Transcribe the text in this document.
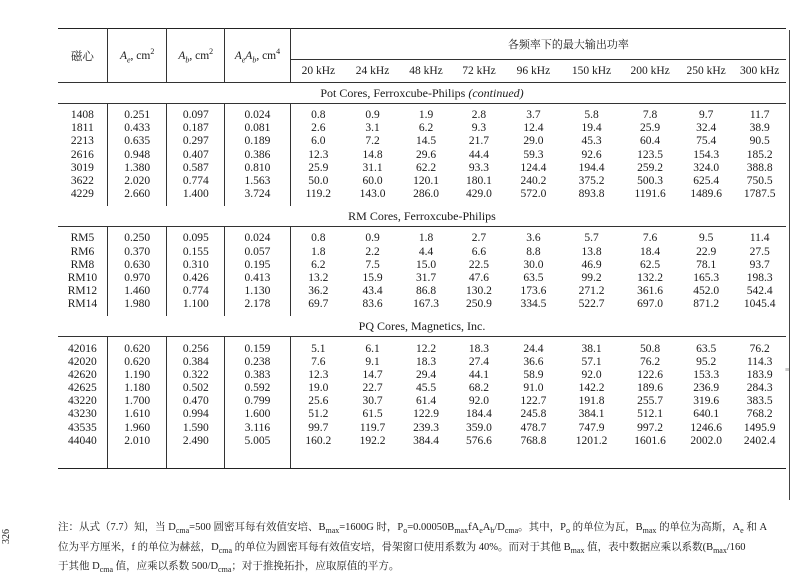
磁心	$A_e$, $cm^2$	$A_b$, $cm^2$	$A_eA_b$, $cm^4$	各频率下的最大输出功率								
				20 kHz	24 kHz	48 kHz	72 kHz	96 kHz	150 kHz	200 kHz	250 kHz	300 kHz
Pot Cores, Ferroxcube-Philips (continued)												

1408	0.251	0.097	0.024	0.8	0.9	1.9	2.8	3.7	5.8	7.8	9.7	11.7
1811	0.433	0.187	0.081	2.6	3.1	6.2	9.3	12.4	19.4	25.9	32.4	38.9
2213	0.635	0.297	0.189	6.0	7.2	14.5	21.7	29.0	45.3	60.4	75.4	90.5
2616	0.948	0.407	0.386	12.3	14.8	29.6	44.4	59.3	92.6	123.5	154.3	185.2
3019	1.380	0.587	0.810	25.9	31.1	62.2	93.3	124.4	194.4	259.2	324.0	388.8
3622	2.020	0.774	1.563	50.0	60.0	120.1	180.1	240.2	375.2	500.3	625.4	750.5
4229	2.660	1.400	3.724	119.2	143.0	286.0	429.0	572.0	893.8	1191.6	1489.6	1787.5

RM Cores, Ferroxcube-Philips												

RM5	0.250	0.095	0.024	0.8	0.9	1.8	2.7	3.6	5.7	7.6	9.5	11.4
RM6	0.370	0.155	0.057	1.8	2.2	4.4	6.6	8.8	13.8	18.4	22.9	27.5
RM8	0.630	0.310	0.195	6.2	7.5	15.0	22.5	30.0	46.9	62.5	78.1	93.7
RM10	0.970	0.426	0.413	13.2	15.9	31.7	47.6	63.5	99.2	132.2	165.3	198.3
RM12	1.460	0.774	1.130	36.2	43.4	86.8	130.2	173.6	271.2	361.6	452.0	542.4
RM14	1.980	1.100	2.178	69.7	83.6	167.3	250.9	334.5	522.7	697.0	871.2	1045.4

PQ Cores, Magnetics, Inc.												

42016	0.620	0.256	0.159	5.1	6.1	12.2	18.3	24.4	38.1	50.8	63.5	76.2
42020	0.620	0.384	0.238	7.6	9.1	18.3	27.4	36.6	57.1	76.2	95.2	114.3
42620	1.190	0.322	0.383	12.3	14.7	29.4	44.1	58.9	92.0	122.6	153.3	183.9
42625	1.180	0.502	0.592	19.0	22.7	45.5	68.2	91.0	142.2	189.6	236.9	284.3
43220	1.700	0.470	0.799	25.6	30.7	61.4	92.0	122.7	191.8	255.7	319.6	383.5
43230	1.610	0.994	1.600	51.2	61.5	122.9	184.4	245.8	384.1	512.1	640.1	768.2
43535	1.960	1.590	3.116	99.7	119.7	239.3	359.0	478.7	747.9	997.2	1246.6	1495.9
44040	2.010	2.490	5.005	160.2	192.2	384.4	576.6	768.8	1201.2	1601.6	2002.0	2402.4

≡
注：从式（7.7）知，当 $D_{cma}=500$ 圆密耳每有效值安培、$B_{max}=1600G$ 时，$P_o=0.00050B_{max}fA_eA_b/D_{cma}$。其中，$P_o$ 的单位为瓦，$B_{max}$ 的单位为高斯，$A_e$ 和 A
位为平方厘米，f 的单位为赫兹，$D_{cma}$ 的单位为圆密耳每有效值安培，骨架窗口使用系数为 40%。而对于其他 $B_{max}$ 值，表中数据应乘以系数($B_{max}/160$
于其他 $D_{cma}$ 值，应乘以系数 $500/D_{cma}$；对于推挽拓扑，应取原值的平方。
326
